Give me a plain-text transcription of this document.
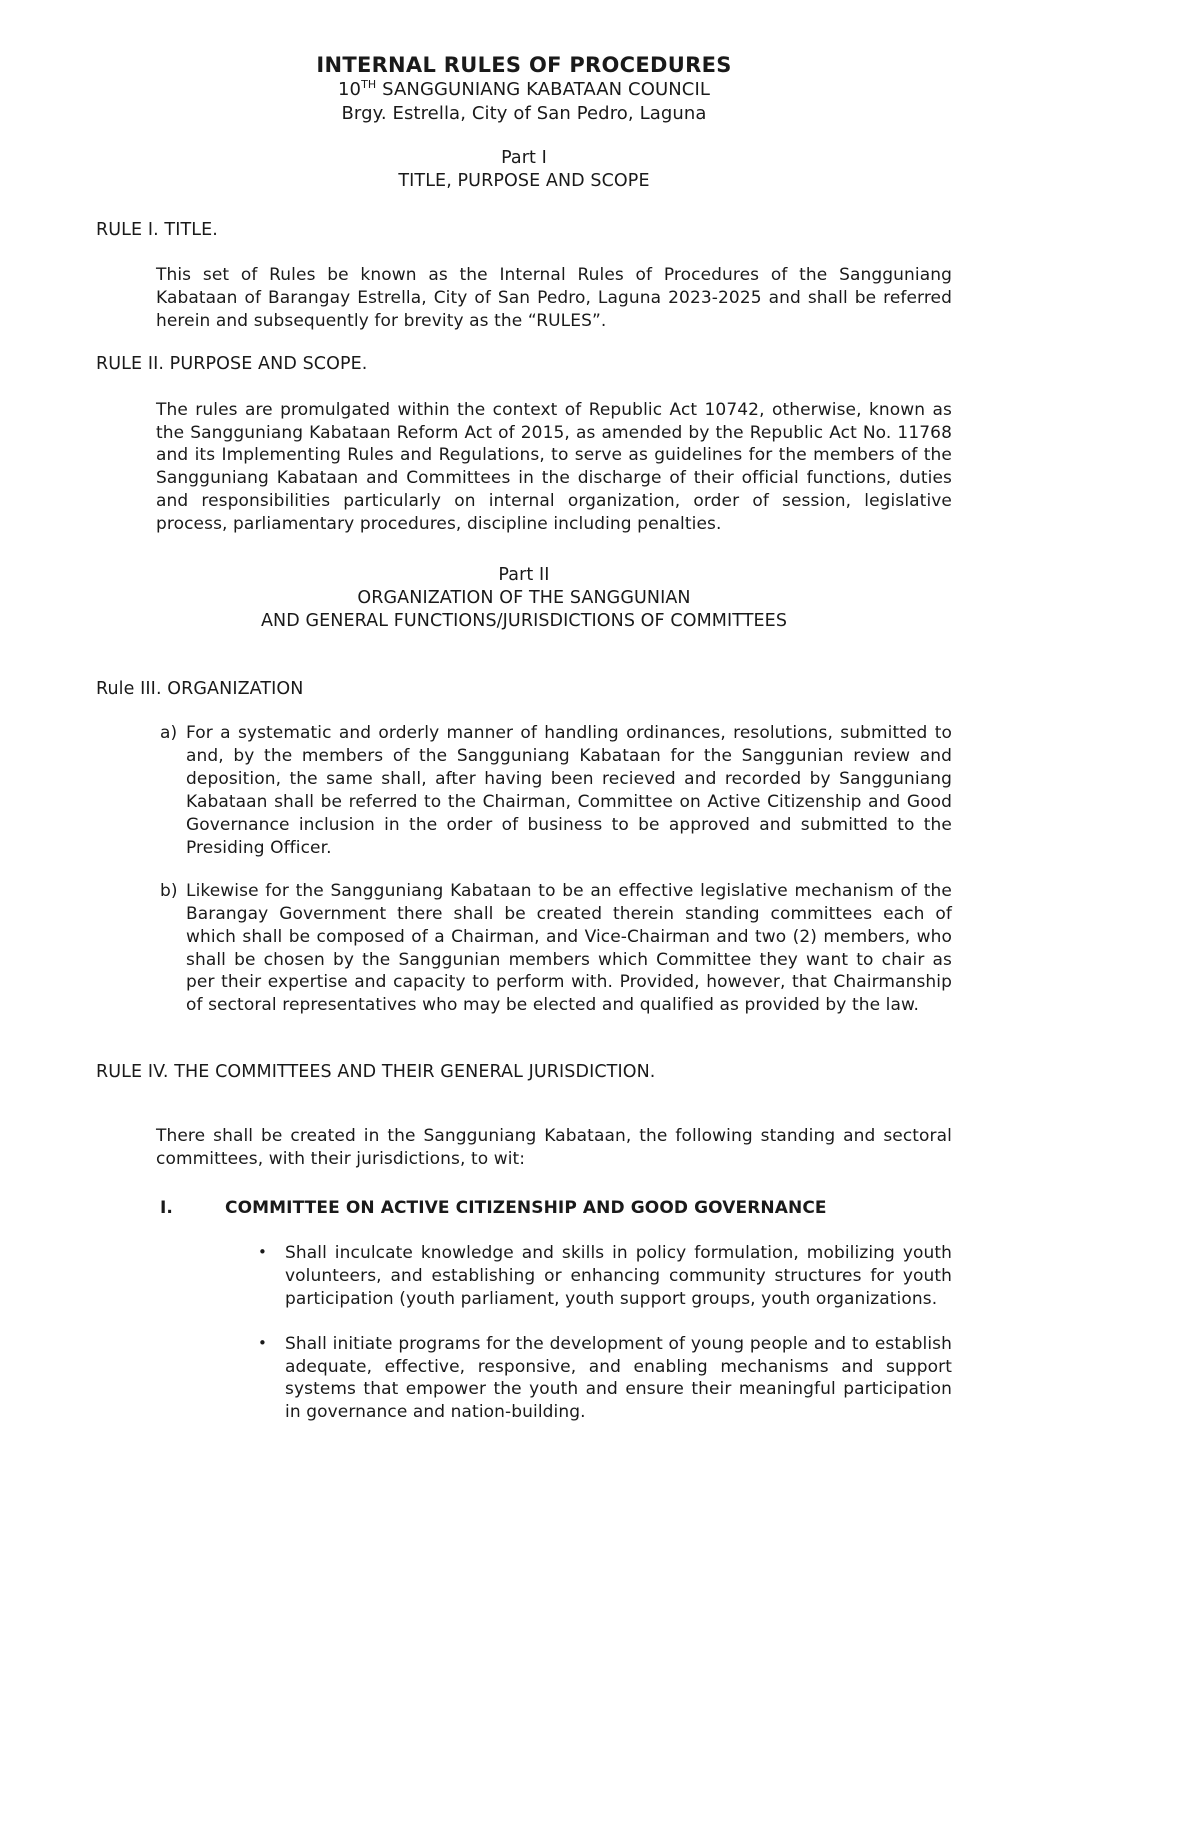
INTERNAL RULES OF PROCEDURES
10TH SANGGUNIANG KABATAAN COUNCIL
Brgy. Estrella, City of San Pedro, Laguna
Part I
TITLE, PURPOSE AND SCOPE
RULE I. TITLE.
This set of Rules be known as the Internal Rules of Procedures of the Sangguniang Kabataan of Barangay Estrella, City of San Pedro, Laguna 2023-2025 and shall be referred herein and subsequently for brevity as the “RULES”.
RULE II. PURPOSE AND SCOPE.
The rules are promulgated within the context of Republic Act 10742, otherwise, known as the Sangguniang Kabataan Reform Act of 2015, as amended by the Republic Act No. 11768 and its Implementing Rules and Regulations, to serve as guidelines for the members of the Sangguniang Kabataan and Committees in the discharge of their official functions, duties and responsibilities particularly on internal organization, order of session, legislative process, parliamentary procedures, discipline including penalties.
Part II
ORGANIZATION OF THE SANGGUNIAN
AND GENERAL FUNCTIONS/JURISDICTIONS OF COMMITTEES
Rule III. ORGANIZATION
a) For a systematic and orderly manner of handling ordinances, resolutions, submitted to and, by the members of the Sangguniang Kabataan for the Sanggunian review and deposition, the same shall, after having been recieved and recorded by Sangguniang Kabataan shall be referred to the Chairman, Committee on Active Citizenship and Good Governance inclusion in the order of business to be approved and submitted to the Presiding Officer.
b) Likewise for the Sangguniang Kabataan to be an effective legislative mechanism of the Barangay Government there shall be created therein standing committees each of which shall be composed of a Chairman, and Vice-Chairman and two (2) members, who shall be chosen by the Sanggunian members which Committee they want to chair as per their expertise and capacity to perform with. Provided, however, that Chairmanship of sectoral representatives who may be elected and qualified as provided by the law.
RULE IV. THE COMMITTEES AND THEIR GENERAL JURISDICTION.
There shall be created in the Sangguniang Kabataan, the following standing and sectoral committees, with their jurisdictions, to wit:
I.	COMMITTEE ON ACTIVE CITIZENSHIP AND GOOD GOVERNANCE
•	Shall inculcate knowledge and skills in policy formulation, mobilizing youth volunteers, and establishing or enhancing community structures for youth participation (youth parliament, youth support groups, youth organizations.
•	Shall initiate programs for the development of young people and to establish adequate, effective, responsive, and enabling mechanisms and support systems that empower the youth and ensure their meaningful participation in governance and nation-building.
